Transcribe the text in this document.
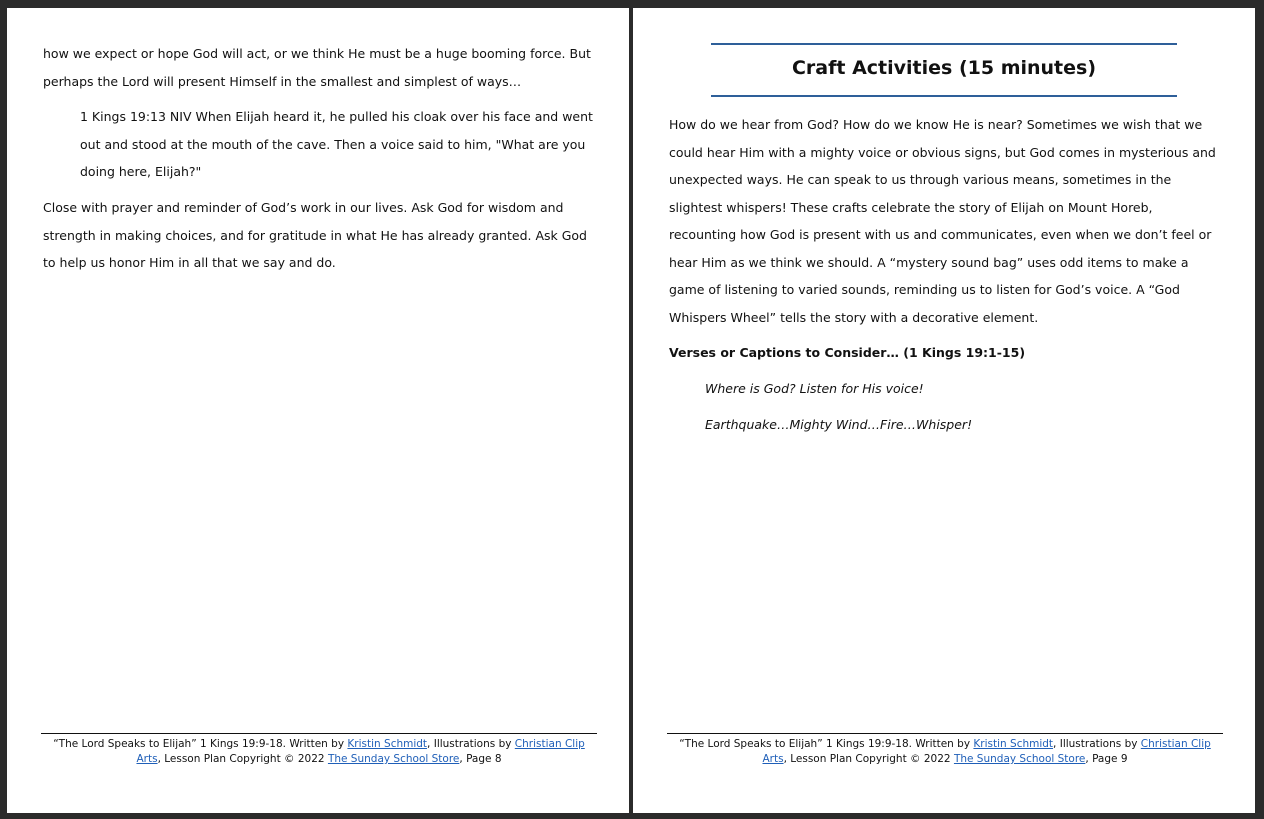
how we expect or hope God will act, or we think He must be a huge booming force. But perhaps the Lord will present Himself in the smallest and simplest of ways…

1 Kings 19:13 NIV When Elijah heard it, he pulled his cloak over his face and went out and stood at the mouth of the cave. Then a voice said to him, "What are you doing here, Elijah?"

Close with prayer and reminder of God’s work in our lives. Ask God for wisdom and strength in making choices, and for gratitude in what He has already granted. Ask God to help us honor Him in all that we say and do.

“The Lord Speaks to Elijah” 1 Kings 19:9-18. Written by Kristin Schmidt, Illustrations by Christian Clip Arts, Lesson Plan Copyright © 2022 The Sunday School Store, Page 8
Craft Activities (15 minutes)

How do we hear from God? How do we know He is near? Sometimes we wish that we could hear Him with a mighty voice or obvious signs, but God comes in mysterious and unexpected ways. He can speak to us through various means, sometimes in the slightest whispers! These crafts celebrate the story of Elijah on Mount Horeb, recounting how God is present with us and communicates, even when we don’t feel or hear Him as we think we should. A “mystery sound bag” uses odd items to make a game of listening to varied sounds, reminding us to listen for God’s voice. A “God Whispers Wheel” tells the story with a decorative element.

Verses or Captions to Consider… (1 Kings 19:1-15)

Where is God? Listen for His voice!

Earthquake…Mighty Wind…Fire…Whisper!

“The Lord Speaks to Elijah” 1 Kings 19:9-18. Written by Kristin Schmidt, Illustrations by Christian Clip Arts, Lesson Plan Copyright © 2022 The Sunday School Store, Page 9
